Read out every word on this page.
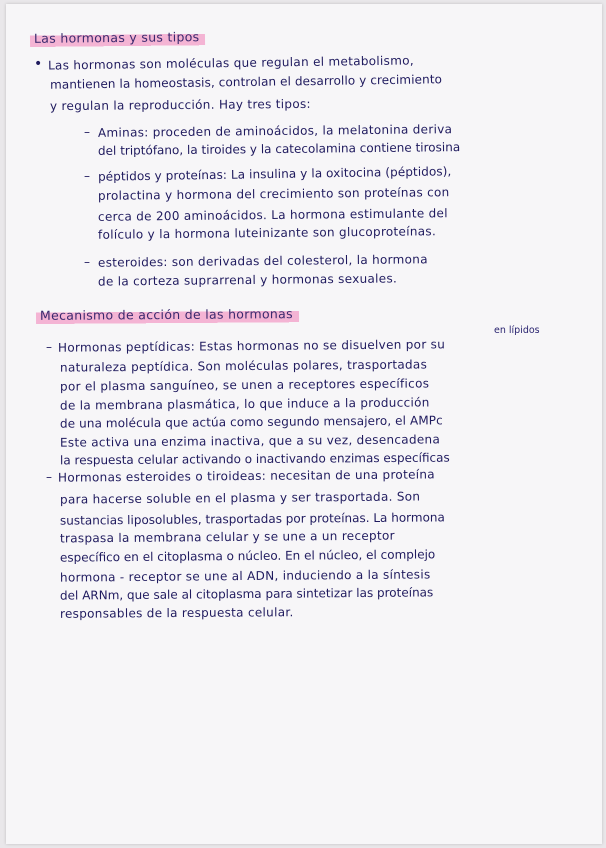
Las hormonas y sus tipos
• Las hormonas son moléculas que regulan el metabolismo,
mantienen la homeostasis, controlan el desarrollo y crecimiento
y regulan la reproducción. Hay tres tipos:
– Aminas: proceden de aminoácidos, la melatonina deriva
del triptófano, la tiroides y la catecolamina contiene tirosina
– péptidos y proteínas: La insulina y la oxitocina (péptidos),
prolactina y hormona del crecimiento son proteínas con
cerca de 200 aminoácidos. La hormona estimulante del
folículo y la hormona luteinizante son glucoproteínas.
– esteroides: son derivadas del colesterol, la hormona
de la corteza suprarrenal y hormonas sexuales.
Mecanismo de acción de las hormonas
en lípidos
– Hormonas peptídicas: Estas hormonas no se disuelven por su
naturaleza peptídica. Son moléculas polares, trasportadas
por el plasma sanguíneo, se unen a receptores específicos
de la membrana plasmática, lo que induce a la producción
de una molécula que actúa como segundo mensajero, el AMPc
Este activa una enzima inactiva, que a su vez, desencadena
la respuesta celular activando o inactivando enzimas específicas
– Hormonas esteroides o tiroideas: necesitan de una proteína
para hacerse soluble en el plasma y ser trasportada. Son
sustancias liposolubles, trasportadas por proteínas. La hormona
traspasa la membrana celular y se une a un receptor
específico en el citoplasma o núcleo. En el núcleo, el complejo
hormona - receptor se une al ADN, induciendo a la síntesis
del ARNm, que sale al citoplasma para sintetizar las proteínas
responsables de la respuesta celular.
